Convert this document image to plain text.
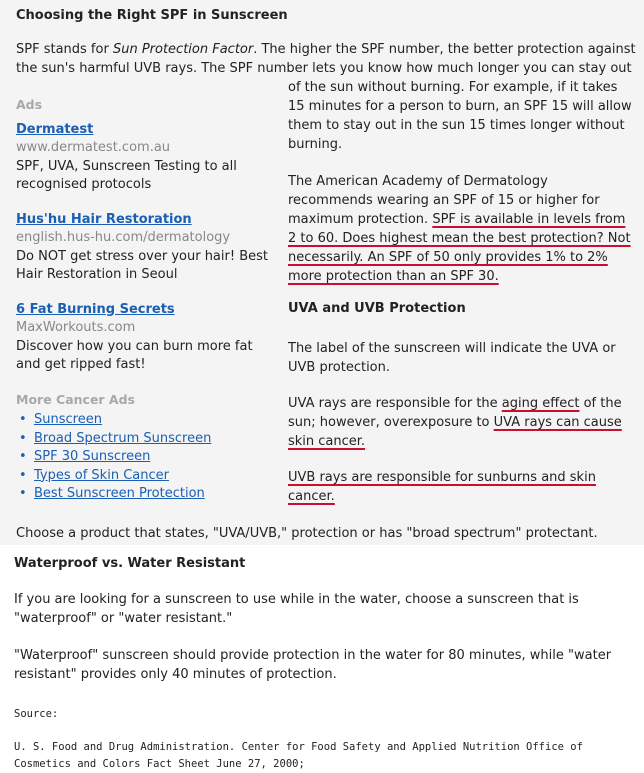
Choosing the Right SPF in Sunscreen

SPF stands for Sun Protection Factor. The higher the SPF number, the better protection against the sun's harmful UVB rays. The SPF number lets you know how much longer you can stay out

Ads
Dermatest
www.dermatest.com.au
SPF, UVA, Sunscreen Testing to all recognised protocols
Hus'hu Hair Restoration
english.hus-hu.com/dermatology
Do NOT get stress over your hair! Best Hair Restoration in Seoul
6 Fat Burning Secrets
MaxWorkouts.com
Discover how you can burn more fat and get ripped fast!
More Cancer Ads
• Sunscreen
• Broad Spectrum Sunscreen
• SPF 30 Sunscreen
• Types of Skin Cancer
• Best Sunscreen Protection

of the sun without burning. For example, if it takes 15 minutes for a person to burn, an SPF 15 will allow them to stay out in the sun 15 times longer without burning.

The American Academy of Dermatology recommends wearing an SPF of 15 or higher for maximum protection. SPF is available in levels from 2 to 60. Does highest mean the best protection? Not necessarily. An SPF of 50 only provides 1% to 2% more protection than an SPF 30.

UVA and UVB Protection

The label of the sunscreen will indicate the UVA or UVB protection.

UVA rays are responsible for the aging effect of the sun; however, overexposure to UVA rays can cause skin cancer.

UVB rays are responsible for sunburns and skin cancer.

Choose a product that states, "UVA/UVB," protection or has "broad spectrum" protectant.

Waterproof vs. Water Resistant

If you are looking for a sunscreen to use while in the water, choose a sunscreen that is "waterproof" or "water resistant."

"Waterproof" sunscreen should provide protection in the water for 80 minutes, while "water resistant" provides only 40 minutes of protection.

Source:

U. S. Food and Drug Administration. Center for Food Safety and Applied Nutrition Office of Cosmetics and Colors Fact Sheet June 27, 2000;
